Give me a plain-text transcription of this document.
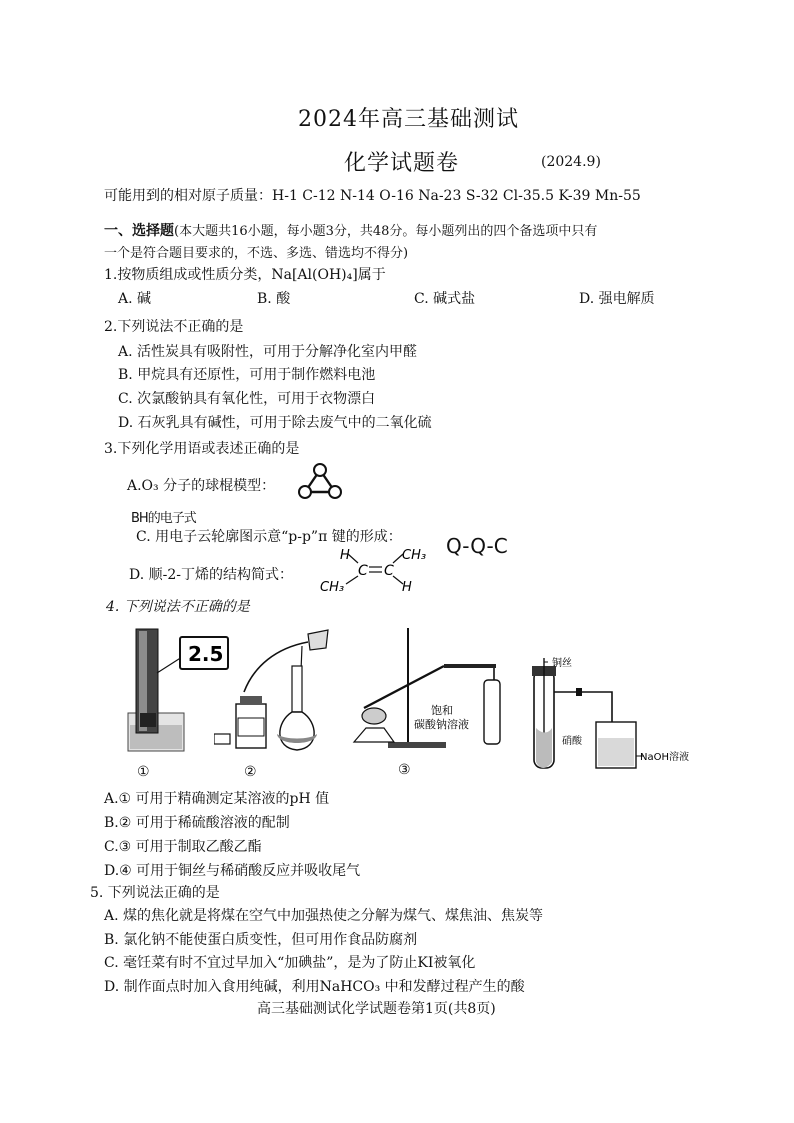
2024年高三基础测试
化学试题卷	(2024.9)
可能用到的相对原子质量：H-1 C-12 N-14 O-16 Na-23 S-32 Cl-35.5 K-39 Mn-55
一、选择题(本大题共16小题，每小题3分，共48分。每小题列出的四个备选项中只有
一个是符合题目要求的，不选、多选、错选均不得分)
1.按物质组成或性质分类，Na[Al(OH)₄]属于
A. 碱	B. 酸	C. 碱式盐	D. 强电解质
2.下列说法不正确的是
A. 活性炭具有吸附性，可用于分解净化室内甲醛
B. 甲烷具有还原性，可用于制作燃料电池
C. 次氯酸钠具有氧化性，可用于衣物漂白
D. 石灰乳具有碱性，可用于除去废气中的二氧化硫
3.下列化学用语或表述正确的是
A.O₃ 分子的球棍模型：
BH的电子式
C. 用电子云轮廓图示意“p-p”π 键的形成： Q-Q-C
D. 顺-2-丁烯的结构简式：
H	CH₃
CH₃	H
C C
4. 下列说法不正确的是
2.5
饱和
碳酸钠溶液
铜丝
硝酸
NaOH溶液
①	②	③
A.① 可用于精确测定某溶液的pH 值
B.② 可用于稀硫酸溶液的配制
C.③ 可用于制取乙酸乙酯
D.④ 可用于铜丝与稀硝酸反应并吸收尾气
5. 下列说法正确的是
A. 煤的焦化就是将煤在空气中加强热使之分解为煤气、煤焦油、焦炭等
B. 氯化钠不能使蛋白质变性，但可用作食品防腐剂
C. 毫饪菜有时不宜过早加入“加碘盐”，是为了防止KI被氧化
D. 制作面点时加入食用纯碱，利用NaHCO₃ 中和发酵过程产生的酸
高三基础测试化学试题卷第1页(共8页)
